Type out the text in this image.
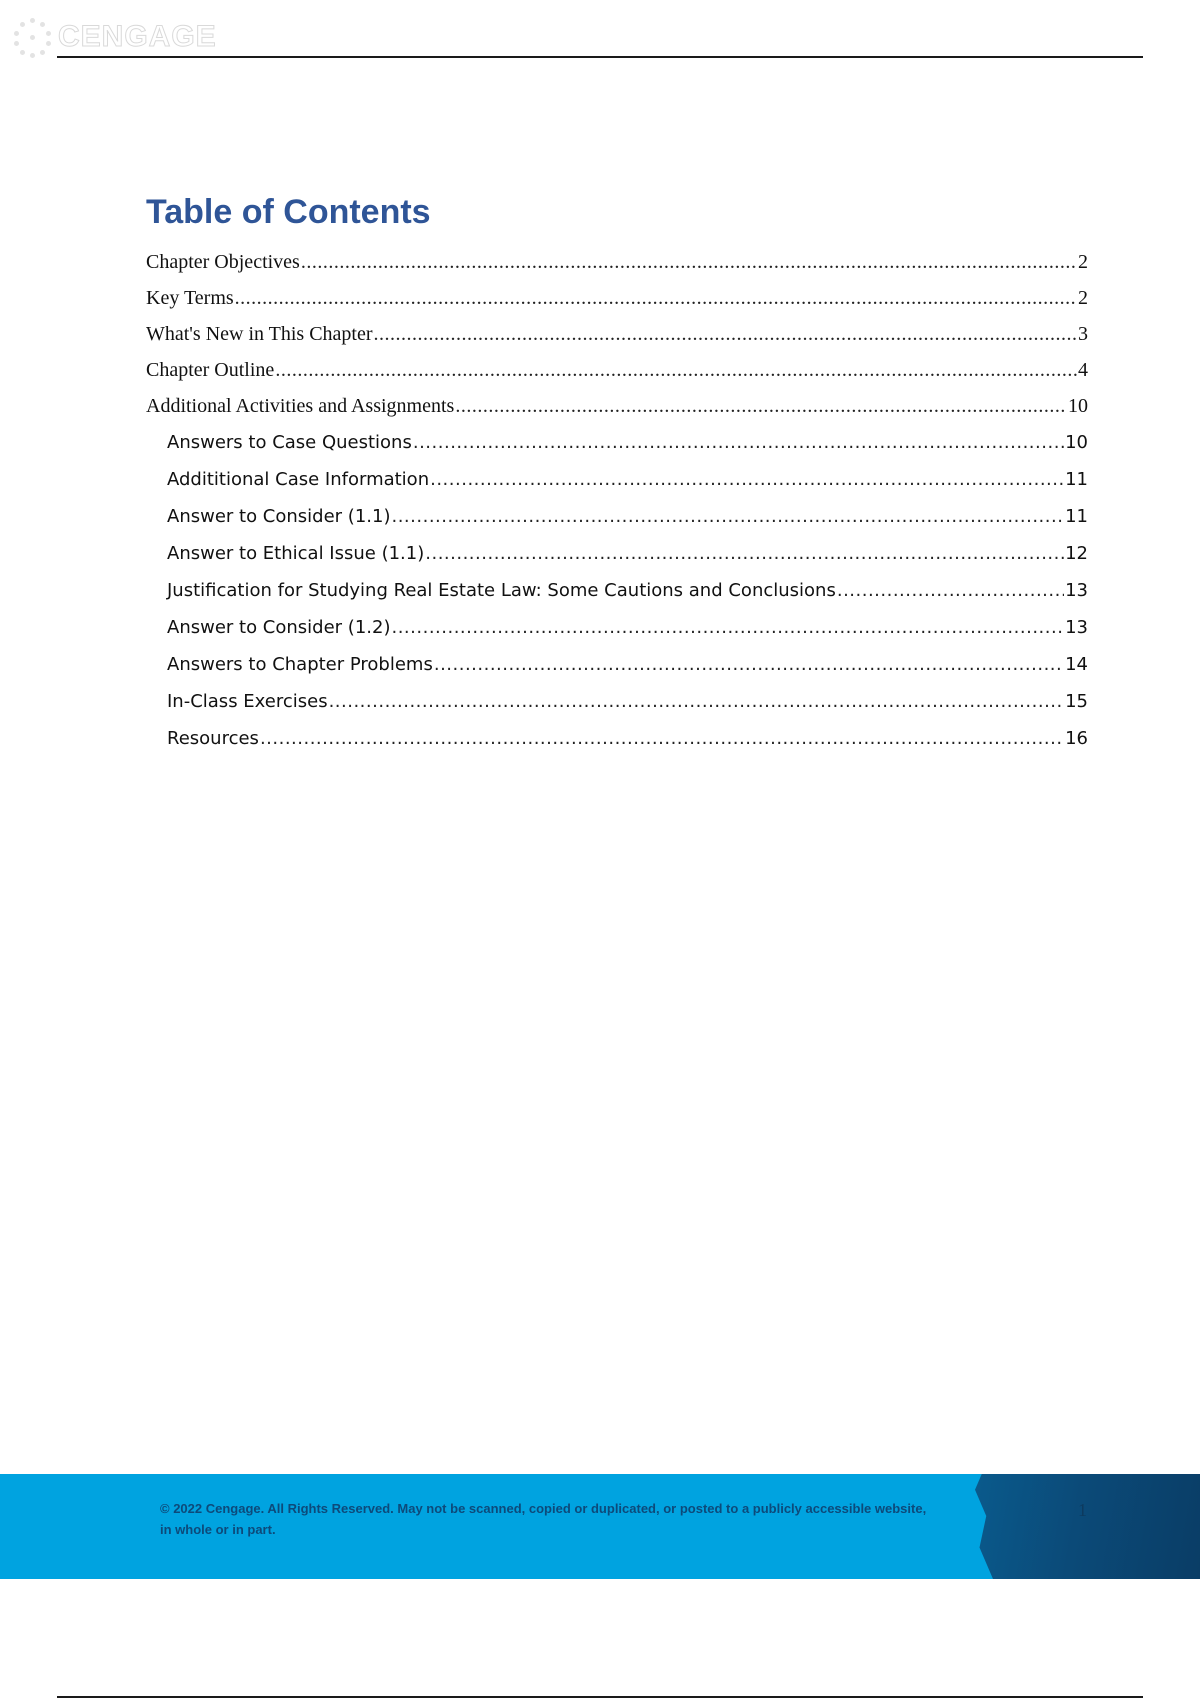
CENGAGE
Table of Contents
Chapter Objectives .....	2
Key Terms .....	2
What's New in This Chapter .....	3
Chapter Outline .....	4
Additional Activities and Assignments .....	10
Answers to Case Questions .....	10
Addititional Case Information .....	11
Answer to Consider (1.1) .....	11
Answer to Ethical Issue (1.1) .....	12
Justification for Studying Real Estate Law: Some Cautions and Conclusions .....	13
Answer to Consider (1.2) .....	13
Answers to Chapter Problems .....	14
In-Class Exercises .....	15
Resources .....	16
© 2022 Cengage. All Rights Reserved. May not be scanned, copied or duplicated, or posted to a publicly accessible website, in whole or in part.
1
